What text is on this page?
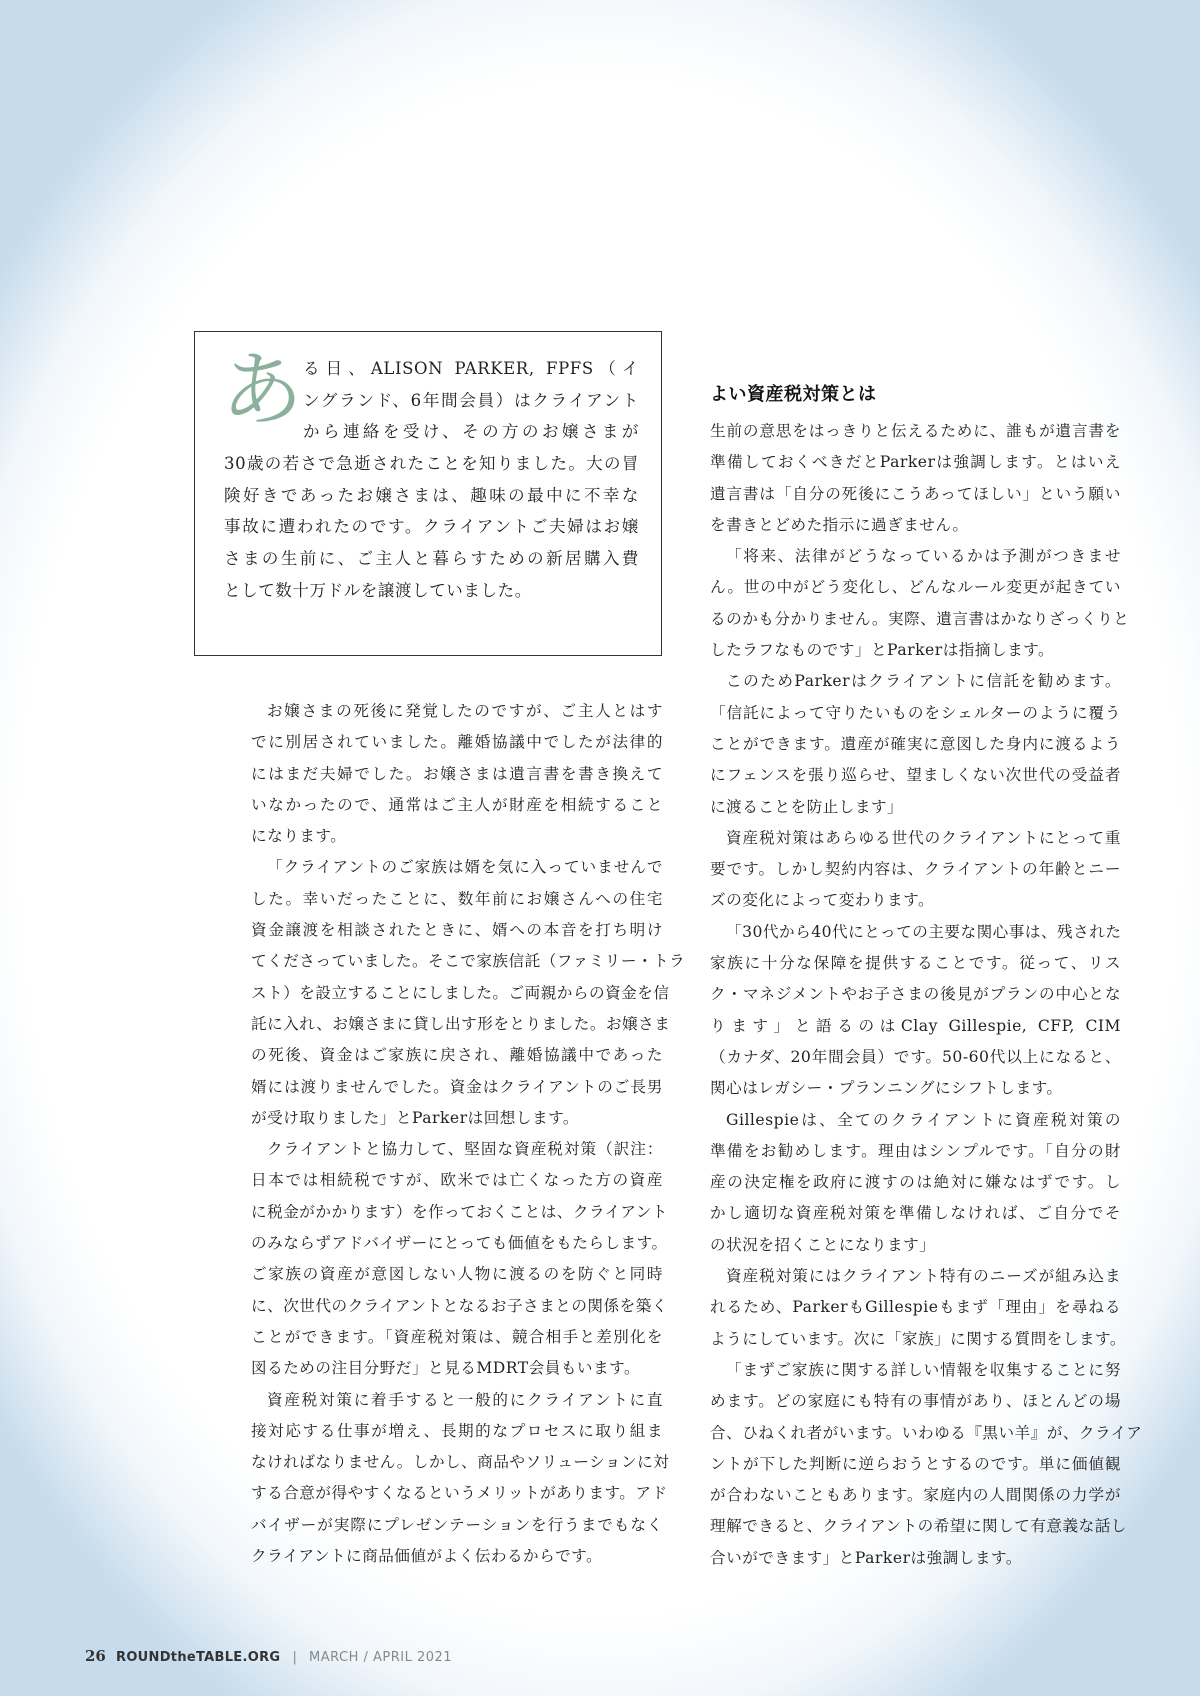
あ る日、ALISON PARKER, FPFS（イ
ングランド、6年間会員）はクライアント
から連絡を受け、その方のお嬢さまが
30歳の若さで急逝されたことを知りました。大の冒
険好きであったお嬢さまは、趣味の最中に不幸な
事故に遭われたのです。クライアントご夫婦はお嬢
さまの生前に、ご主人と暮らすための新居購入費
として数十万ドルを譲渡していました。
お嬢さまの死後に発覚したのですが、ご主人とはす
でに別居されていました。離婚協議中でしたが法律的
にはまだ夫婦でした。お嬢さまは遺言書を書き換えて
いなかったので、通常はご主人が財産を相続すること
になります。
「クライアントのご家族は婿を気に入っていませんで
した。幸いだったことに、数年前にお嬢さんへの住宅
資金譲渡を相談されたときに、婿への本音を打ち明け
てくださっていました。そこで家族信託（ファミリー・トラ
スト）を設立することにしました。ご両親からの資金を信
託に入れ、お嬢さまに貸し出す形をとりました。お嬢さま
の死後、資金はご家族に戻され、離婚協議中であった
婿には渡りませんでした。資金はクライアントのご長男
が受け取りました」とParkerは回想します。
クライアントと協力して、堅固な資産税対策（訳注：
日本では相続税ですが、欧米では亡くなった方の資産
に税金がかかります）を作っておくことは、クライアント
のみならずアドバイザーにとっても価値をもたらします。
ご家族の資産が意図しない人物に渡るのを防ぐと同時
に、次世代のクライアントとなるお子さまとの関係を築く
ことができます。「資産税対策は、競合相手と差別化を
図るための注目分野だ」と見るMDRT会員もいます。
資産税対策に着手すると一般的にクライアントに直
接対応する仕事が増え、長期的なプロセスに取り組ま
なければなりません。しかし、商品やソリューションに対
する合意が得やすくなるというメリットがあります。アド
バイザーが実際にプレゼンテーションを行うまでもなく
クライアントに商品価値がよく伝わるからです。
よい資産税対策とは
生前の意思をはっきりと伝えるために、誰もが遺言書を
準備しておくべきだとParkerは強調します。とはいえ
遺言書は「自分の死後にこうあってほしい」という願い
を書きとどめた指示に過ぎません。
「将来、法律がどうなっているかは予測がつきませ
ん。世の中がどう変化し、どんなルール変更が起きてい
るのかも分かりません。実際、遺言書はかなりざっくりと
したラフなものです」とParkerは指摘します。
このためParkerはクライアントに信託を勧めます。
「信託によって守りたいものをシェルターのように覆う
ことができます。遺産が確実に意図した身内に渡るよう
にフェンスを張り巡らせ、望ましくない次世代の受益者
に渡ることを防止します」
資産税対策はあらゆる世代のクライアントにとって重
要です。しかし契約内容は、クライアントの年齢とニー
ズの変化によって変わります。
「30代から40代にとっての主要な関心事は、残された
家族に十分な保障を提供することです。従って、リス
ク・マネジメントやお子さまの後見がプランの中心とな
ります」と語るのはClay Gillespie, CFP, CIM
（カナダ、20年間会員）です。50-60代以上になると、
関心はレガシー・プランニングにシフトします。
Gillespieは、全てのクライアントに資産税対策の
準備をお勧めします。理由はシンプルです。「自分の財
産の決定権を政府に渡すのは絶対に嫌なはずです。し
かし適切な資産税対策を準備しなければ、ご自分でそ
の状況を招くことになります」
資産税対策にはクライアント特有のニーズが組み込ま
れるため、ParkerもGillespieもまず「理由」を尋ねる
ようにしています。次に「家族」に関する質問をします。
「まずご家族に関する詳しい情報を収集することに努
めます。どの家庭にも特有の事情があり、ほとんどの場
合、ひねくれ者がいます。いわゆる『黒い羊』が、クライア
ントが下した判断に逆らおうとするのです。単に価値観
が合わないこともあります。家庭内の人間関係の力学が
理解できると、クライアントの希望に関して有意義な話し
合いができます」とParkerは強調します。
26 ROUNDtheTABLE.ORG | MARCH / APRIL 2021
